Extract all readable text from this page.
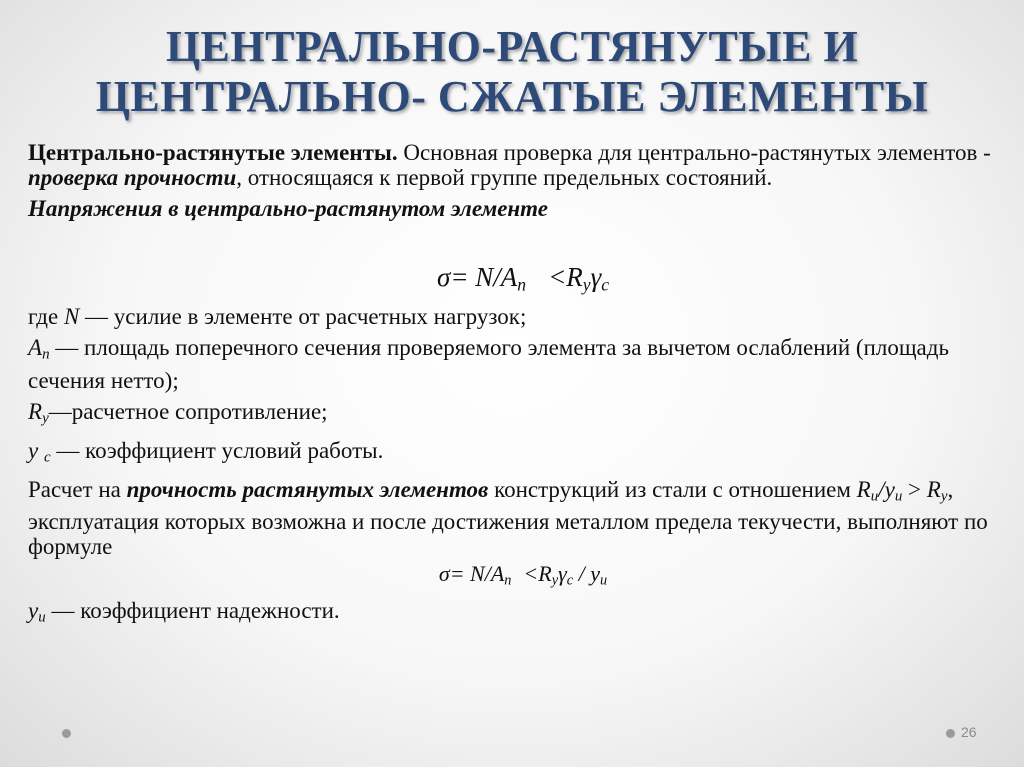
ЦЕНТРАЛЬНО-РАСТЯНУТЫЕ И
ЦЕНТРАЛЬНО- СЖАТЫЕ ЭЛЕМЕНТЫ

Центрально-растянутые элементы. Основная проверка для центрально-растянутых элементов - проверка прочности, относящаяся к первой группе предельных состояний.

Напряжения в центрально-растянутом элементе

$\sigma= N/A_n <R_y\gamma_c$

где N — усилие в элементе от расчетных нагрузок;

$A_n$ — площадь поперечного сечения проверяемого элемента за вычетом ослаблений (площадь сечения нетто);

$R_y—расчетное$ сопротивление;

y $_c$ — коэффициент условий работы.

Расчет на прочность растянутых элементов конструкций из стали с отношением $R_u/y_u > R_y$, эксплуатация которых возможна и после достижения металлом предела текучести, выполняют по формуле

$\sigma= N/A_n <R_y\gamma_c / y_u$

$y_u$ — коэффициент надежности.

26
